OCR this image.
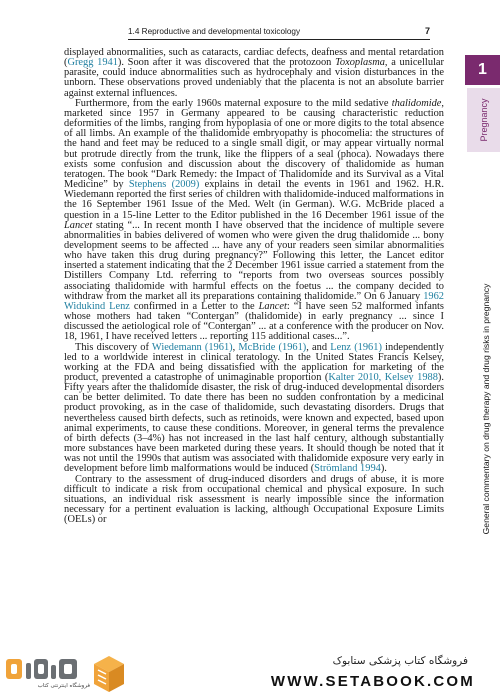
1.4 Reproductive and developmental toxicology	7
1
Pregnancy
General commentary on drug therapy and drug risks in pregnancy

displayed abnormalities, such as cataracts, cardiac defects, deafness and mental retardation (Gregg 1941). Soon after it was discovered that the protozoon Toxoplasma, a unicellular parasite, could induce abnormalities such as hydrocephaly and vision disturbances in the unborn. These observations proved undeniably that the placenta is not an absolute barrier against external influences.

Furthermore, from the early 1960s maternal exposure to the mild sedative thalidomide, marketed since 1957 in Germany appeared to be causing characteristic reduction deformities of the limbs, ranging from hypoplasia of one or more digits to the total absence of all limbs. An example of the thalidomide embryopathy is phocomelia: the structures of the hand and feet may be reduced to a single small digit, or may appear virtually normal but protrude directly from the trunk, like the flippers of a seal (phoca). Nowadays there exists some confusion and discussion about the discovery of thalidomide as human teratogen. The book “Dark Remedy: the Impact of Thalidomide and its Survival as a Vital Medicine” by Stephens (2009) explains in detail the events in 1961 and 1962. H.R. Wiedemann reported the first series of children with thalidomide-induced malformations in the 16 September 1961 Issue of the Med. Welt (in German). W.G. McBride placed a question in a 15-line Letter to the Editor published in the 16 December 1961 issue of the Lancet stating “... In recent month I have observed that the incidence of multiple severe abnormalities in babies delivered of women who were given the drug thalidomide ... bony development seems to be affected ... have any of your readers seen similar abnormalities who have taken this drug during pregnancy?” Following this letter, the Lancet editor inserted a statement indicating that the 2 December 1961 issue carried a statement from the Distillers Company Ltd. referring to “reports from two overseas sources possibly associating thalidomide with harmful effects on the foetus ... the company decided to withdraw from the market all its preparations containing thalidomide.” On 6 January 1962 Widukind Lenz confirmed in a Letter to the Lancet: “I have seen 52 malformed infants whose mothers had taken “Contergan” (thalidomide) in early pregnancy ... since I discussed the aetiological role of “Contergan” ... at a conference with the producer on Nov. 18, 1961, I have received letters ... reporting 115 additional cases...”.

This discovery of Wiedemann (1961), McBride (1961), and Lenz (1961) independently led to a worldwide interest in clinical teratology. In the United States Francis Kelsey, working at the FDA and being dissatisfied with the application for marketing of the product, prevented a catastrophe of unimaginable proportion (Kalter 2010, Kelsey 1988). Fifty years after the thalidomide disaster, the risk of drug-induced developmental disorders can be better delimited. To date there has been no sudden confrontation by a medicinal product provoking, as in the case of thalidomide, such devastating disorders. Drugs that nevertheless caused birth defects, such as retinoids, were known and expected, based upon animal experiments, to cause these conditions. Moreover, in general terms the prevalence of birth defects (3–4%) has not increased in the last half century, although substantially more substances have been marketed during these years. It should though be noted that it was not until the 1990s that autism was associated with thalidomide exposure very early in development before limb malformations would be induced (Strömland 1994).

Contrary to the assessment of drug-induced disorders and drugs of abuse, it is more difficult to indicate a risk from occupational chemical and physical exposure. In such situations, an individual risk assessment is nearly impossible since the information necessary for a pertinent evaluation is lacking, although Occupational Exposure Limits (OELs) or

فروشگاه اینترنتی کتاب
فروشگاه کتاب پزشکی ستابوک
WWW.SETABOOK.COM
